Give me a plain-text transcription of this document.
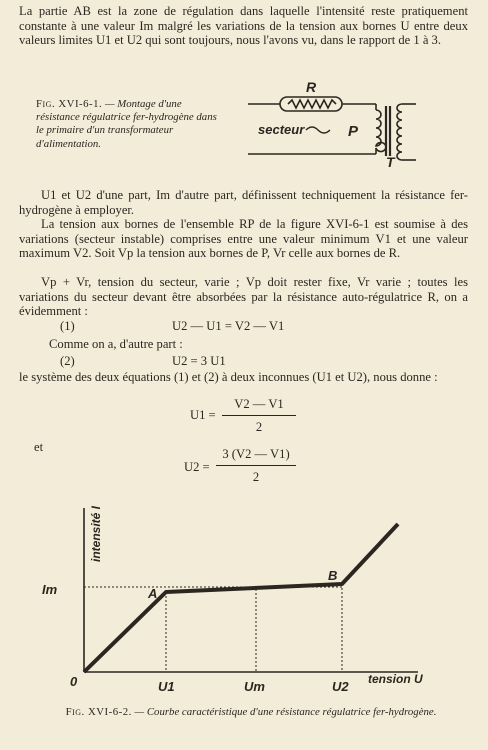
La partie AB est la zone de régulation dans laquelle l'intensité reste pratiquement constante à une valeur Im malgré les variations de la tension aux bornes U entre deux valeurs limites U1 et U2 qui sont toujours, nous l'avons vu, dans le rapport de 1 à 3.
Fig. XVI-6-1. — Montage d'une résistance régulatrice fer-hydrogène dans le primaire d'un transformateur d'alimentation.
R
secteur	P
T
U1 et U2 d'une part, Im d'autre part, définissent techniquement la résistance fer-hydrogène à employer.
La tension aux bornes de l'ensemble RP de la figure XVI-6-1 est soumise à des variations (secteur instable) comprises entre une valeur minimum V1 et une valeur maximum V2. Soit Vp la tension aux bornes de P, Vr celle aux bornes de R.
Vp + Vr, tension du secteur, varie ; Vp doit rester fixe, Vr varie ; toutes les variations du secteur devant être absorbées par la résistance auto-régulatrice R, on a évidemment :
(1)	U2 — U1 = V2 — V1
Comme on a, d'autre part :
(2)	U2 = 3 U1
le système des deux équations (1) et (2) à deux inconnues (U1 et U2), nous donne :
U1 =
V2 — V1
2
et
U2 =
3 (V2 — V1)
2
Im
intensité I
0
A
B
U1	Um	U2 tension U
Fig. XVI-6-2. — Courbe caractéristique d'une résistance régulatrice fer-hydrogène.
